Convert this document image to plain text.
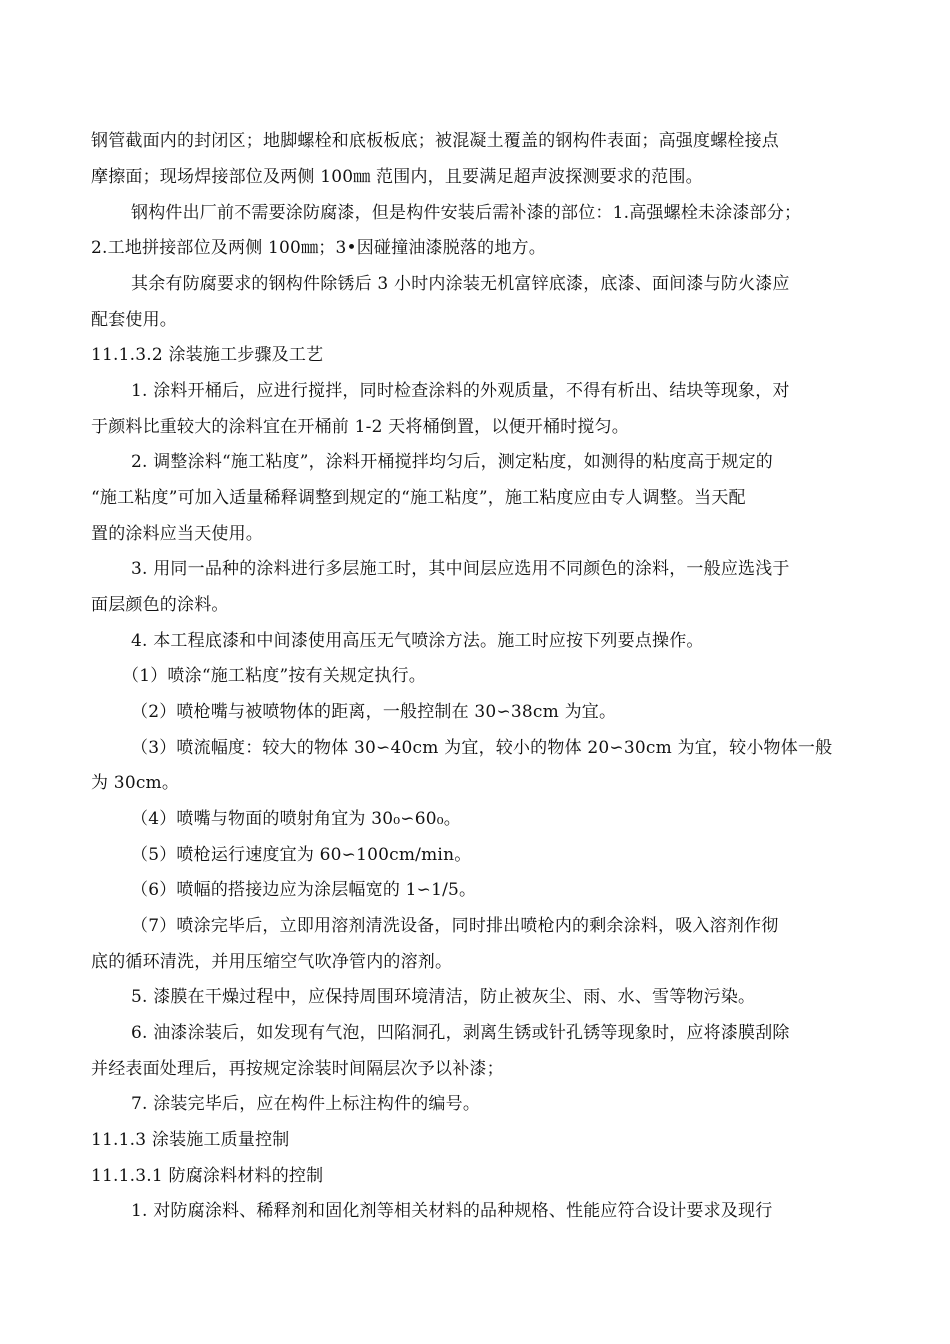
钢管截面内的封闭区；地脚螺栓和底板板底；被混凝土覆盖的钢构件表面；高强度螺栓接点
摩擦面；现场焊接部位及两侧 100㎜ 范围内，且要满足超声波探测要求的范围。
钢构件出厂前不需要涂防腐漆，但是构件安装后需补漆的部位：1.高强螺栓未涂漆部分；
2.工地拼接部位及两侧 100㎜；3•因碰撞油漆脱落的地方。
其余有防腐要求的钢构件除锈后 3 小时内涂装无机富锌底漆，底漆、面间漆与防火漆应
配套使用。
11.1.3.2 涂装施工步骤及工艺
1. 涂料开桶后，应进行搅拌，同时检查涂料的外观质量，不得有析出、结块等现象，对
于颜料比重较大的涂料宜在开桶前 1-2 天将桶倒置，以便开桶时搅匀。
2. 调整涂料“施工粘度”，涂料开桶搅拌均匀后，测定粘度，如测得的粘度高于规定的
“施工粘度”可加入适量稀释调整到规定的“施工粘度”，施工粘度应由专人调整。当天配
置的涂料应当天使用。
3. 用同一品种的涂料进行多层施工时，其中间层应选用不同颜色的涂料，一般应选浅于
面层颜色的涂料。
4. 本工程底漆和中间漆使用高压无气喷涂方法。施工时应按下列要点操作。
（1）喷涂“施工粘度”按有关规定执行。
（2）喷枪嘴与被喷物体的距离，一般控制在 30∽38cm 为宜。
（3）喷流幅度：较大的物体 30∽40cm 为宜，较小的物体 20∽30cm 为宜，较小物体一般
为 30cm。
（4）喷嘴与物面的喷射角宜为 30₀∽60₀。
（5）喷枪运行速度宜为 60∽100cm/min。
（6）喷幅的搭接边应为涂层幅宽的 1∽1/5。
（7）喷涂完毕后，立即用溶剂清洗设备，同时排出喷枪内的剩余涂料，吸入溶剂作彻
底的循环清洗，并用压缩空气吹净管内的溶剂。
5. 漆膜在干燥过程中，应保持周围环境清洁，防止被灰尘、雨、水、雪等物污染。
6. 油漆涂装后，如发现有气泡，凹陷洞孔，剥离生锈或针孔锈等现象时，应将漆膜刮除
并经表面处理后，再按规定涂装时间隔层次予以补漆；
7. 涂装完毕后，应在构件上标注构件的编号。
11.1.3 涂装施工质量控制
11.1.3.1 防腐涂料材料的控制
1. 对防腐涂料、稀释剂和固化剂等相关材料的品种规格、性能应符合设计要求及现行
